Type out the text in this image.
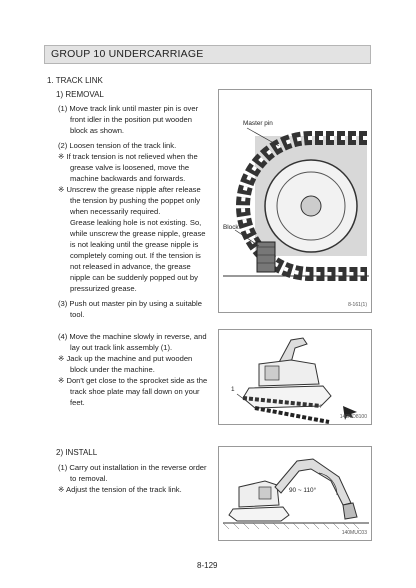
GROUP 10 UNDERCARRIAGE
1. TRACK LINK
1) REMOVAL
(1) Move track link until master pin is over
front idler in the position put wooden
block as shown.
(2) Loosen tension of the track link.
※ If track tension is not relieved when the
grease valve is loosened, move the
machine backwards and forwards.
※ Unscrew the grease nipple after release
the tension by pushing the poppet only
when necessarily required.
Grease leaking hole is not existing. So,
while unscrew the grease nipple, grease
is not leaking until the grease nipple is
completely coming out. If the tension is
not released in advance, the grease
nipple can be suddenly popped out by
pressurized grease.
(3) Push out master pin by using a suitable
tool.
(4) Move the machine slowly in reverse, and
lay out track link assembly (1).
※ Jack up the machine and put wooden
block under the machine.
※ Don't get close to the sprocket side as the
track shoe plate may fall down on your
feet.
2) INSTALL
(1) Carry out installation in the reverse order
to removal.
※ Adjust the tension of the track link.
Master pin
Block
8-161(1)
1
140MD8100
90 ~ 110°
140MUC03
8-129
